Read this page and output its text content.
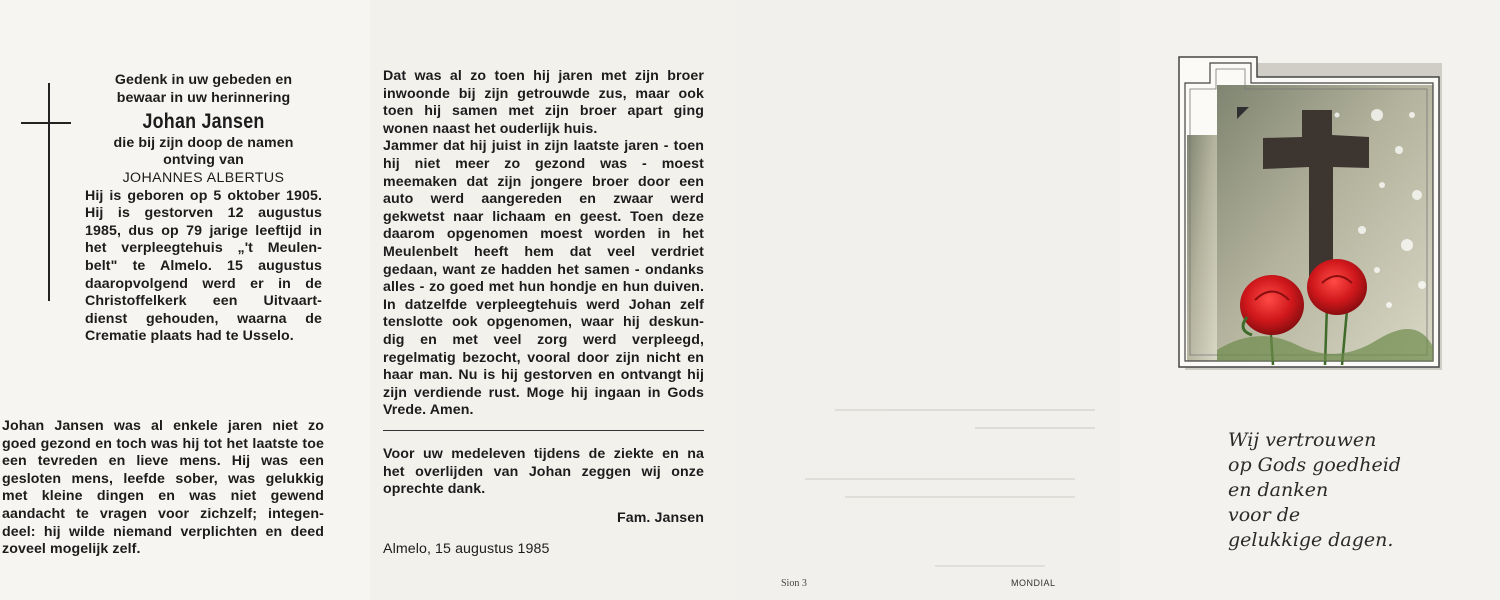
Gedenk in uw gebeden en
bewaar in uw herinnering
Johan Jansen
die bij zijn doop de namen
ontving van
JOHANNES ALBERTUS
Hij is geboren op 5 oktober 1905.
Hij is gestorven 12 augustus
1985, dus op 79 jarige leeftijd in
het verpleegtehuis „'t Meulen-
belt" te Almelo. 15 augustus
daaropvolgend werd er in de
Christoffelkerk een Uitvaart-
dienst gehouden, waarna de
Crematie plaats had te Usselo.
Johan Jansen was al enkele jaren niet zo
goed gezond en toch was hij tot het laatste toe
een tevreden en lieve mens. Hij was een
gesloten mens, leefde sober, was gelukkig
met kleine dingen en was niet gewend
aandacht te vragen voor zichzelf; integen-
deel: hij wilde niemand verplichten en deed
zoveel mogelijk zelf.
Dat was al zo toen hij jaren met zijn broer
inwoonde bij zijn getrouwde zus, maar ook
toen hij samen met zijn broer apart ging
wonen naast het ouderlijk huis.
Jammer dat hij juist in zijn laatste jaren - toen
hij niet meer zo gezond was - moest
meemaken dat zijn jongere broer door een
auto werd aangereden en zwaar werd
gekwetst naar lichaam en geest. Toen deze
daarom opgenomen moest worden in het
Meulenbelt heeft hem dat veel verdriet
gedaan, want ze hadden het samen - ondanks
alles - zo goed met hun hondje en hun duiven.
In datzelfde verpleegtehuis werd Johan zelf
tenslotte ook opgenomen, waar hij deskun-
dig en met veel zorg werd verpleegd,
regelmatig bezocht, vooral door zijn nicht en
haar man. Nu is hij gestorven en ontvangt hij
zijn verdiende rust. Moge hij ingaan in Gods
Vrede. Amen.
Voor uw medeleven tijdens de ziekte en na
het overlijden van Johan zeggen wij onze
oprechte dank.
Fam. Jansen
Almelo, 15 augustus 1985
Sion 3	MONDIAL
Wij vertrouwen
op Gods goedheid
en danken
voor de
gelukkige dagen.
